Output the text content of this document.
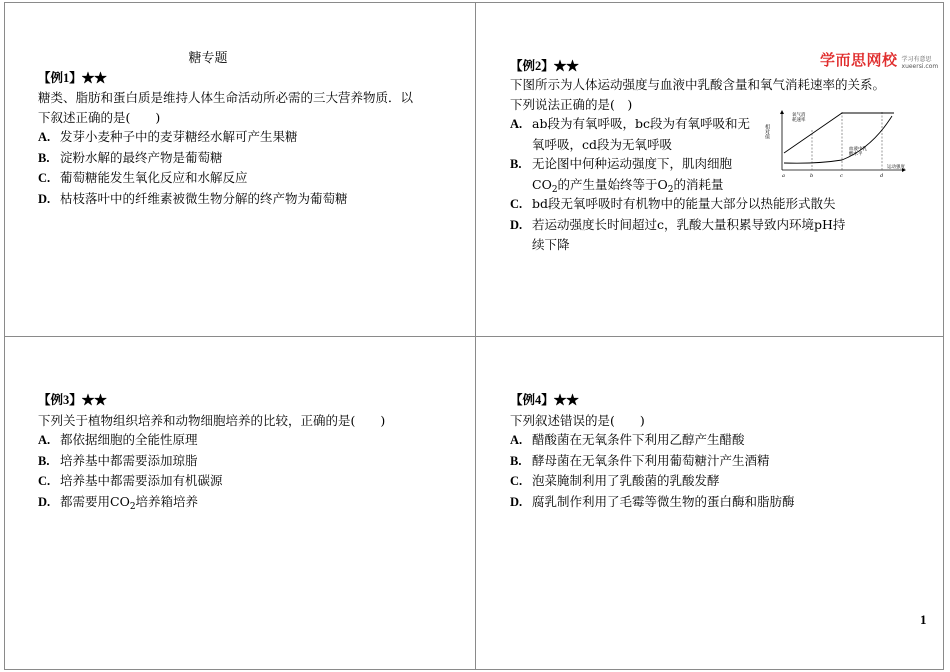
糖专题
【例1】★★
糖类、脂肪和蛋白质是维持人体生命活动所必需的三大营养物质．以
下叙述正确的是(　　)
A. 发芽小麦种子中的麦芽糖经水解可产生果糖
B. 淀粉水解的最终产物是葡萄糖
C. 葡萄糖能发生氧化反应和水解反应
D. 枯枝落叶中的纤维素被微生物分解的终产物为葡萄糖
学而思网校 学习有意思
xueersi.com
【例2】★★
下图所示为人体运动强度与血液中乳酸含量和氧气消耗速率的关系。
下列说法正确的是(　)
A. ab段为有氧呼吸，bc段为有氧呼吸和无
氧呼吸，cd段为无氧呼吸
B. 无论图中何种运动强度下，肌肉细胞
$CO_2$的产生量始终等于$O_2$的消耗量
C. bd段无氧呼吸时有机物中的能量大部分以热能形式散失
D. 若运动强度长时间超过c，乳酸大量积累导致内环境pH持
续下降
相对值
氧气消
耗速率
血液中乳
酸水平
运动强度
a	b	c	d
【例3】★★
下列关于植物组织培养和动物细胞培养的比较，正确的是(　　)
A. 都依据细胞的全能性原理
B. 培养基中都需要添加琼脂
C. 培养基中都需要添加有机碳源
D. 都需要用$CO_2$培养箱培养
【例4】★★
下列叙述错误的是(　　)
A. 醋酸菌在无氧条件下利用乙醇产生醋酸
B. 酵母菌在无氧条件下利用葡萄糖汁产生酒精
C. 泡菜腌制利用了乳酸菌的乳酸发酵
D. 腐乳制作利用了毛霉等微生物的蛋白酶和脂肪酶
1
